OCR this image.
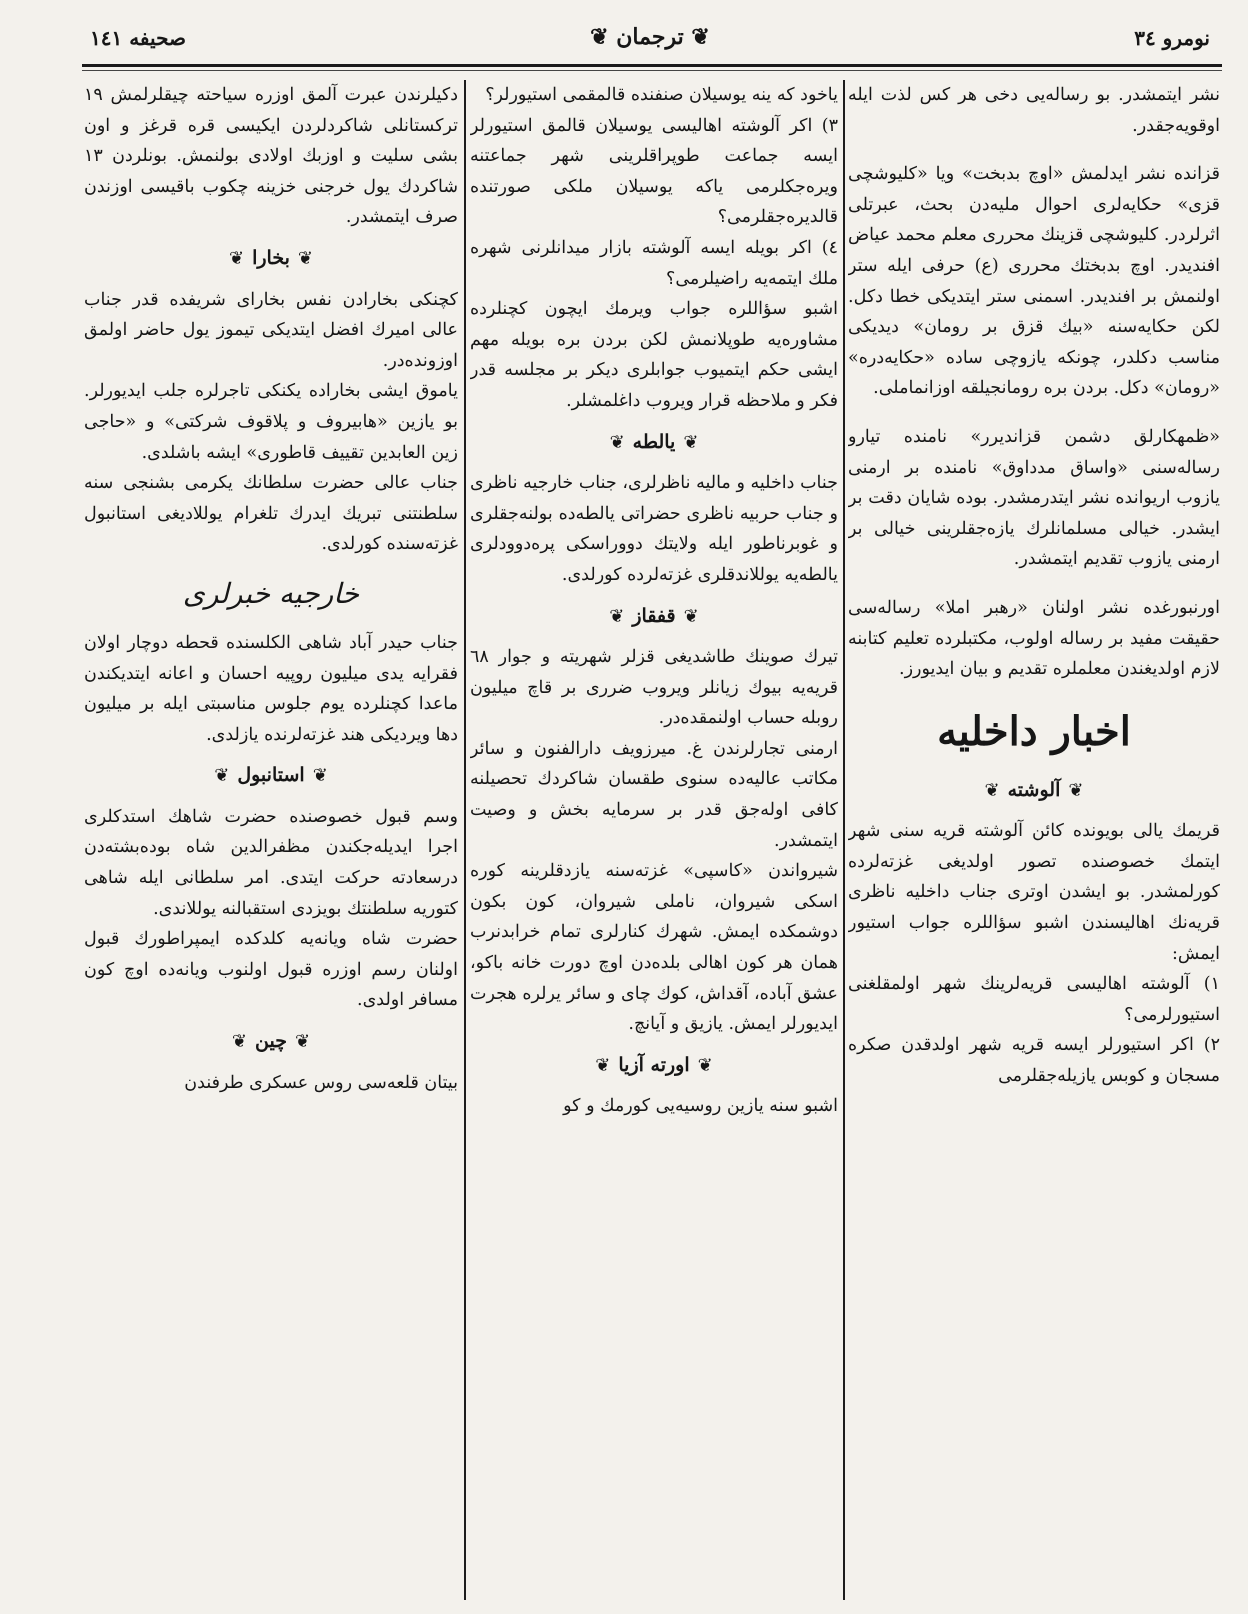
نومرو ٣٤
❦ ترجمان ❦
صحيفه ١٤١

نشر ايتمشدر. بو رساله‌يى دخى هر كس لذت ايله اوقويه‌جقدر.

قزانده نشر ايدلمش «اوچ بدبخت» ويا «كليوشچى قزى» حكايه‌لرى احوال مليه‌دن بحث، عبرتلى اثرلردر. كليوشچى قزينك محررى معلم محمد عياض افنديدر. اوچ بدبختك محررى (ع) حرفى ايله ستر اولنمش بر افنديدر. اسمنى ستر ايتديكى خطا دكل. لكن حكايه‌سنه «بيك قزق بر رومان» ديديكى مناسب دكلدر، چونكه يازوچى ساده «حكايه‌دره» «رومان» دكل. بردن بره رومانجيلقه اوزانماملى.

«ظمهكارلق دشمن قزانديرر» نامنده تيارو رساله‌سنى «واساق مدداوق» نامنده بر ارمنى يازوب اريوانده نشر ايتدرمشدر. بوده شايان دقت بر ايشدر. خيالى مسلمانلرك يازه‌جقلرينى خيالى بر ارمنى يازوب تقديم ايتمشدر.

اورنبورغده نشر اولنان «رهبر املا» رساله‌سى حقيقت مفيد بر رساله اولوب، مكتبلرده تعليم كتابنه لازم اولديغندن معلملره تقديم و بيان ايديورز.

اخبار داخليه
❦آلوشته❦

قريمك يالى بويونده كائن آلوشته قريه سنى شهر ايتمك خصوصنده تصور اولديغى غزته‌لرده كورلمشدر. بو ايشدن اوترى جناب داخليه ناظرى قريه‌نك اهاليسندن اشبو سؤاللره جواب استيور ايمش:

١) آلوشته اهاليسى قريه‌لرينك شهر اولمقلغنى استيورلرمى؟

٢) اكر استيورلر ايسه قريه شهر اولدقدن صكره مسجان و كوبس يازيله‌جقلرمى

ياخود كه ينه يوسيلان صنفنده قالمقمى استيورلر؟

٣) اكر آلوشته اهاليسى يوسيلان قالمق استيورلر ايسه جماعت طوپراقلرينى شهر جماعتنه ويره‌جكلرمى ياكه يوسيلان ملكى صورتنده قالديره‌جقلرمى؟

٤) اكر بويله ايسه آلوشته بازار ميدانلرنى شهره ملك ايتمه‌يه راضيلرمى؟

اشبو سؤاللره جواب ويرمك ايچون كچنلرده مشاوره‌يه طوپلانمش لكن بردن بره بويله مهم ايشى حكم ايتميوب جوابلرى ديكر بر مجلسه قدر فكر و ملاحظه قرار ويروب داغلمشلر.

❦يالطه❦

جناب داخليه و ماليه ناظرلرى، جناب خارجيه ناظرى و جناب حربيه ناظرى حضراتى يالطه‌ده بولنه‌جقلرى و غوبرناطور ايله ولايتك دووراسكى پره‌دوودلرى يالطه‌يه يوللاندقلرى غزته‌لرده كورلدى.

❦قفقاز❦

تيرك صوينك طاشديغى قزلر شهريته و جوار ٦٨ قريه‌يه بيوك زيانلر ويروب ضررى بر قاچ ميليون روبله حساب اولنمقده‌در.

ارمنى تجارلرندن غ. ميرزويف دارالفنون و سائر مكاتب عاليه‌ده سنوى طقسان شاكردك تحصيلنه كافى اوله‌جق قدر بر سرمايه بخش و وصيت ايتمشدر.

شيرواندن «كاسپى» غزته‌سنه يازدقلرينه كوره اسكى شيروان، ناملى شيروان، كون بكون دوشمكده ايمش. شهرك كنارلرى تمام خرابدنرب همان هر كون اهالى بلده‌دن اوچ دورت خانه باكو، عشق آباده، آقداش، كوك چاى و سائر يرلره هجرت ايديورلر ايمش. يازيق و آيانچ.

❦اورته آزيا❦

اشبو سنه يازين روسيه‌يى كورمك و كو

دكيلرندن عبرت آلمق اوزره سياحته چيقلرلمش ١٩ تركستانلى شاكردلردن ايكيسى قره قرغز و اون بشى سليت و اوزبك اولادى بولنمش. بونلردن ١٣ شاكردك يول خرجنى خزينه چكوب باقيسى اوزندن صرف ايتمشدر.

❦بخارا❦

كچنكى بخارادن نفس بخاراى شريفده قدر جناب عالى اميرك افضل ايتديكى تيموز يول حاضر اولمق اوزونده‌در.

ياموق ايشى بخاراده يكنكى تاجرلره جلب ايديورلر. بو يازين «هابيروف و پلاقوف شركتى» و «حاجى زين العابدين تقييف قاطورى» ايشه باشلدى.

جناب عالى حضرت سلطانك يكرمى بشنجى سنه سلطنتنى تبريك ايدرك تلغرام يوللاديغى استانبول غزته‌سنده كورلدى.

خارجيه خبرلرى

جناب حيدر آباد شاهى الكلسنده قحطه دوچار اولان فقرايه يدى ميليون روپيه احسان و اعانه ايتديكندن ماعدا كچنلرده يوم جلوس مناسبتى ايله بر ميليون دها ويرديكى هند غزته‌لرنده يازلدى.

❦استانبول❦

وسم قبول خصوصنده حضرت شاهك استدكلرى اجرا ايديله‌جكندن مظفرالدين شاه بوده‌بشته‌دن درسعادته حركت ايتدى. امر سلطانى ايله شاهى كتوريه سلطنتك بويزدى استقبالنه يوللاندى.

حضرت شاه ويانه‌يه كلدكده ايمپراطورك قبول اولنان رسم اوزره قبول اولنوب ويانه‌ده اوچ كون مسافر اولدى.

❦چين❦

بيتان قلعه‌سى روس عسكرى طرفندن
